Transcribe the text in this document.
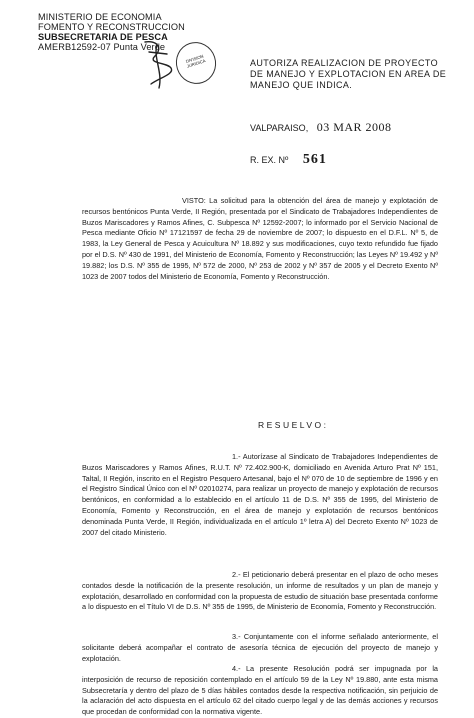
MINISTERIO DE ECONOMIA
FOMENTO Y RECONSTRUCCION
SUBSECRETARIA DE PESCA
AMERB12592-07 Punta Verde
DIVISION JURIDICA	AUTORIZA REALIZACION DE PROYECTO DE MANEJO Y EXPLOTACION EN AREA DE MANEJO QUE INDICA.
VALPARAISO, 03 MAR 2008
R. EX. Nº 561
VISTO: La solicitud para la obtención del área de manejo y explotación de recursos bentónicos Punta Verde, II Región, presentada por el Sindicato de Trabajadores Independientes de Buzos Mariscadores y Ramos Afines, C. Subpesca Nº 12592-2007; lo informado por el Servicio Nacional de Pesca mediante Oficio Nº 17121597 de fecha 29 de noviembre de 2007; lo dispuesto en el D.F.L. Nº 5, de 1983, la Ley General de Pesca y Acuicultura Nº 18.892 y sus modificaciones, cuyo texto refundido fue fijado por el D.S. Nº 430 de 1991, del Ministerio de Economía, Fomento y Reconstrucción; las Leyes Nº 19.492 y Nº 19.882; los D.S. Nº 355 de 1995, Nº 572 de 2000, Nº 253 de 2002 y Nº 357 de 2005 y el Decreto Exento Nº 1023 de 2007 todos del Ministerio de Economía, Fomento y Reconstrucción.
RESUELVO:
1.- Autorízase al Sindicato de Trabajadores Independientes de Buzos Mariscadores y Ramos Afines, R.U.T. Nº 72.402.900-K, domiciliado en Avenida Arturo Prat Nº 151, Taltal, II Región, inscrito en el Registro Pesquero Artesanal, bajo el Nº 070 de 10 de septiembre de 1996 y en el Registro Sindical Único con el Nº 02010274, para realizar un proyecto de manejo y explotación de recursos bentónicos, en conformidad a lo establecido en el artículo 11 de D.S. Nº 355 de 1995, del Ministerio de Economía, Fomento y Reconstrucción, en el área de manejo y explotación de recursos bentónicos denominada Punta Verde, II Región, individualizada en el artículo 1º letra A) del Decreto Exento Nº 1023 de 2007 del citado Ministerio.
2.- El peticionario deberá presentar en el plazo de ocho meses contados desde la notificación de la presente resolución, un informe de resultados y un plan de manejo y explotación, desarrollado en conformidad con la propuesta de estudio de situación base presentada conforme a lo dispuesto en el Título VI de D.S. Nº 355 de 1995, de Ministerio de Economía, Fomento y Reconstrucción.
3.- Conjuntamente con el informe señalado anteriormente, el solicitante deberá acompañar el contrato de asesoría técnica de ejecución del proyecto de manejo y explotación.
4.- La presente Resolución podrá ser impugnada por la interposición de recurso de reposición contemplado en el artículo 59 de la Ley Nº 19.880, ante esta misma Subsecretaría y dentro del plazo de 5 días hábiles contados desde la respectiva notificación, sin perjuicio de la aclaración del acto dispuesta en el artículo 62 del citado cuerpo legal y de las demás acciones y recursos que procedan de conformidad con la normativa vigente.
